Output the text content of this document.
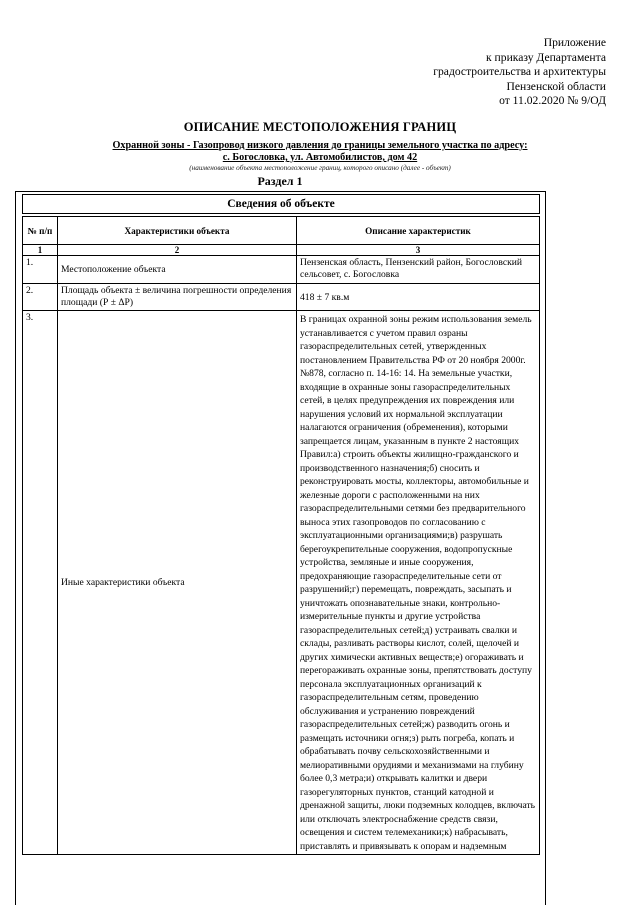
Приложение
к приказу Департамента
градостроительства и архитектуры
Пензенской области
от 11.02.2020 № 9/ОД
ОПИСАНИЕ МЕСТОПОЛОЖЕНИЯ ГРАНИЦ
Охранной зоны - Газопровод низкого давления до границы земельного участка по адресу:
с. Богословка, ул. Автомобилистов, дом 42
(наименование объекта местоположение границ, которого описано (далее - объект)
Раздел 1
Сведения об объекте
№ п/п	Характеристики объекта	Описание характеристик
1	2	3
1.	Местоположение объекта	Пензенская область, Пензенский район, Богословский сельсовет, с. Богословка
2.	Площадь объекта ± величина погрешности определения площади (Р ± ΔР)	418 ± 7 кв.м
3.	Иные характеристики объекта	В границах охранной зоны режим использования земель устанавливается с учетом правил озраны газораспределительных сетей, утвержденных постановлением Правительства РФ от 20 ноября 2000г. №878, согласно п. 14-16: 14. На земельные участки, входящие в охранные зоны газораспределительных сетей, в целях предупреждения их повреждения или нарушения условий их нормальной эксплуатации налагаются ограничения (обременения), которыми запрещается лицам, указанным в пункте 2 настоящих Правил:а) строить объекты жилищно-гражданского и производственного назначения;б) сносить и реконструировать мосты, коллекторы, автомобильные и железные дороги с расположенными на них газораспределительными сетями без предварительного выноса этих газопроводов по согласованию с эксплуатационными организациями;в) разрушать берегоукрепительные сооружения, водопропускные устройства, земляные и иные сооружения, предохраняющие газораспределительные сети от разрушений;г) перемещать, повреждать, засыпать и уничтожать опознавательные знаки, контрольно-измерительные пункты и другие устройства газораспределительных сетей;д) устраивать свалки и склады, разливать растворы кислот, солей, щелочей и других химически активных веществ;е) огораживать и перегораживать охранные зоны, препятствовать доступу персонала эксплуатационных организаций к газораспределительным сетям, проведению обслуживания и устранению повреждений газораспределительных сетей;ж) разводить огонь и размещать источники огня;з) рыть погреба, копать и обрабатывать почву сельскохозяйственными и мелиоративными орудиями и механизмами на глубину более 0,3 метра;и) открывать калитки и двери газорегуляторных пунктов, станций катодной и дренажной защиты, люки подземных колодцев, включать или отключать электроснабжение средств связи, освещения и систем телемеханики;к) набрасывать, приставлять и привязывать к опорам и надземным
